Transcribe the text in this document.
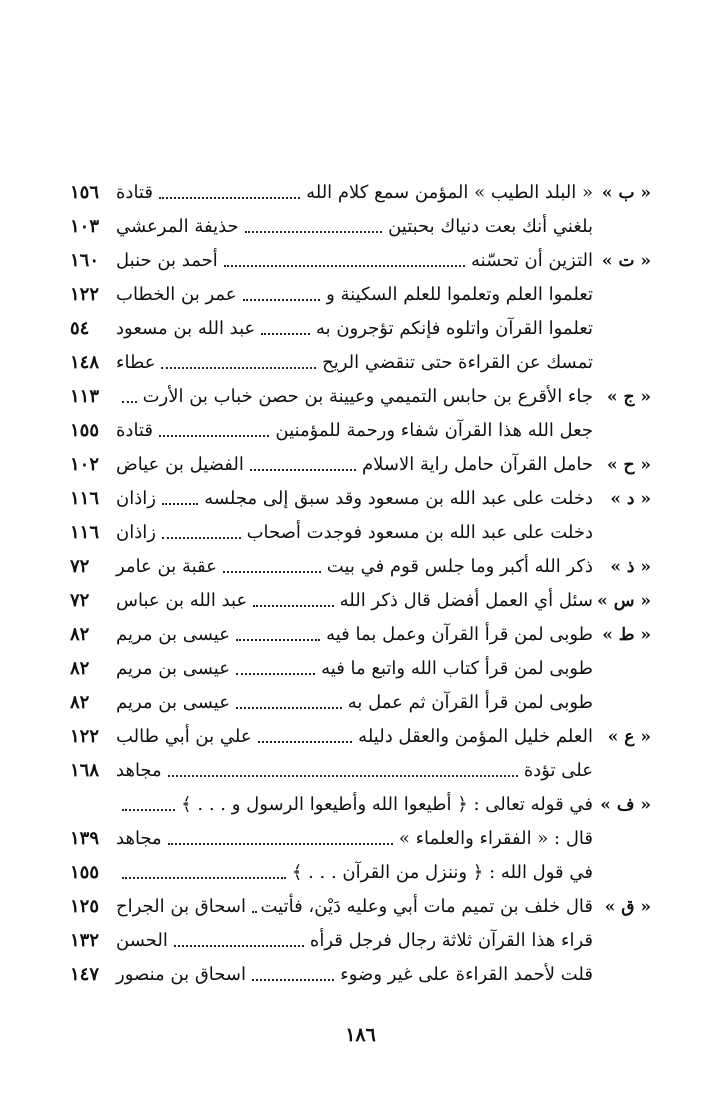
« ب »
« البلد الطيب » المؤمن سمع كلام الله
قتادة
١٥٦
بلغني أنك بعت دنياك بحبتين
حذيفة المرعشي
١٠٣
« ت »
التزين أن تحسّنه
أحمد بن حنبل
١٦٠
تعلموا العلم وتعلموا للعلم السكينة و
عمر بن الخطاب
١٢٢
تعلموا القرآن واتلوه فإنكم تؤجرون به
عبد الله بن مسعود
٥٤
تمسك عن القراءة حتى تنقضي الريح
عطاء
١٤٨
« ج »
جاء الأقرع بن حابس التميمي وعيينة بن حصن خباب بن الأرت
١١٣
جعل الله هذا القرآن شفاء ورحمة للمؤمنين
قتادة
١٥٥
« ح »
حامل القرآن حامل راية الاسلام
الفضيل بن عياض
١٠٢
« د »
دخلت على عبد الله بن مسعود وقد سبق إلى مجلسه
زاذان
١١٦
دخلت على عبد الله بن مسعود فوجدت أصحاب
زاذان
١١٦
« ذ »
ذكر الله أكبر وما جلس قوم في بيت
عقبة بن عامر
٧٢
« س »
سئل أي العمل أفضل قال ذكر الله
عبد الله بن عباس
٧٢
« ط »
طوبى لمن قرأ القرآن وعمل بما فيه
عيسى بن مريم
٨٢
طوبى لمن قرأ كتاب الله واتبع ما فيه
عيسى بن مريم
٨٢
طوبى لمن قرأ القرآن ثم عمل به
عيسى بن مريم
٨٢
« ع »
العلم خليل المؤمن والعقل دليله
علي بن أبي طالب
١٢٢
على تؤدة
مجاهد
١٦٨
« ف »
في قوله تعالى : ﴿ أطيعوا الله وأطيعوا الرسول و . . . ﴾
قال : « الفقراء والعلماء »
مجاهد
١٣٩
في قول الله : ﴿ وننزل من القرآن . . . ﴾
١٥٥
« ق »
قال خلف بن تميم مات أبي وعليه دَيْن، فأتيت
اسحاق بن الجراح
١٢٥
قراء هذا القرآن ثلاثة رجال فرجل قرأه
الحسن
١٣٢
قلت لأحمد القراءة على غير وضوء
اسحاق بن منصور
١٤٧
١٨٦
